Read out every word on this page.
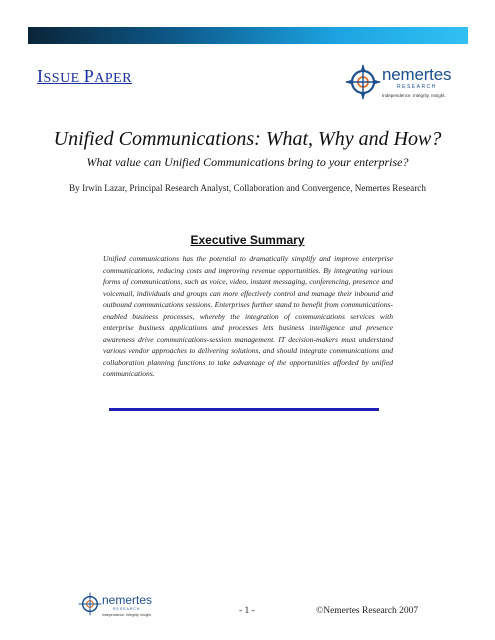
ISSUE PAPER	nemertes
RESEARCH
Independence. Integrity. Insight.
Unified Communications: What, Why and How?
What value can Unified Communications bring to your enterprise?
By Irwin Lazar, Principal Research Analyst, Collaboration and Convergence, Nemertes Research
Executive Summary
Unified communications has the potential to dramatically simplify and improve enterprise communications, reducing costs and improving revenue opportunities. By integrating various forms of communications, such as voice, video, instant messaging, conferencing, presence and voicemail, individuals and groups can more effectively control and manage their inbound and outbound communications sessions. Enterprises further stand to benefit from communications-enabled business processes, whereby the integration of communications services with enterprise business applications and processes lets business intelligence and presence awareness drive communications-session management. IT decision-makers must understand various vendor approaches to delivering solutions, and should integrate communications and collaboration planning functions to take advantage of the opportunities afforded by unified communications.
nemertes
RESEARCH
Independence. Integrity. Insight.	- 1 -	©Nemertes Research 2007
